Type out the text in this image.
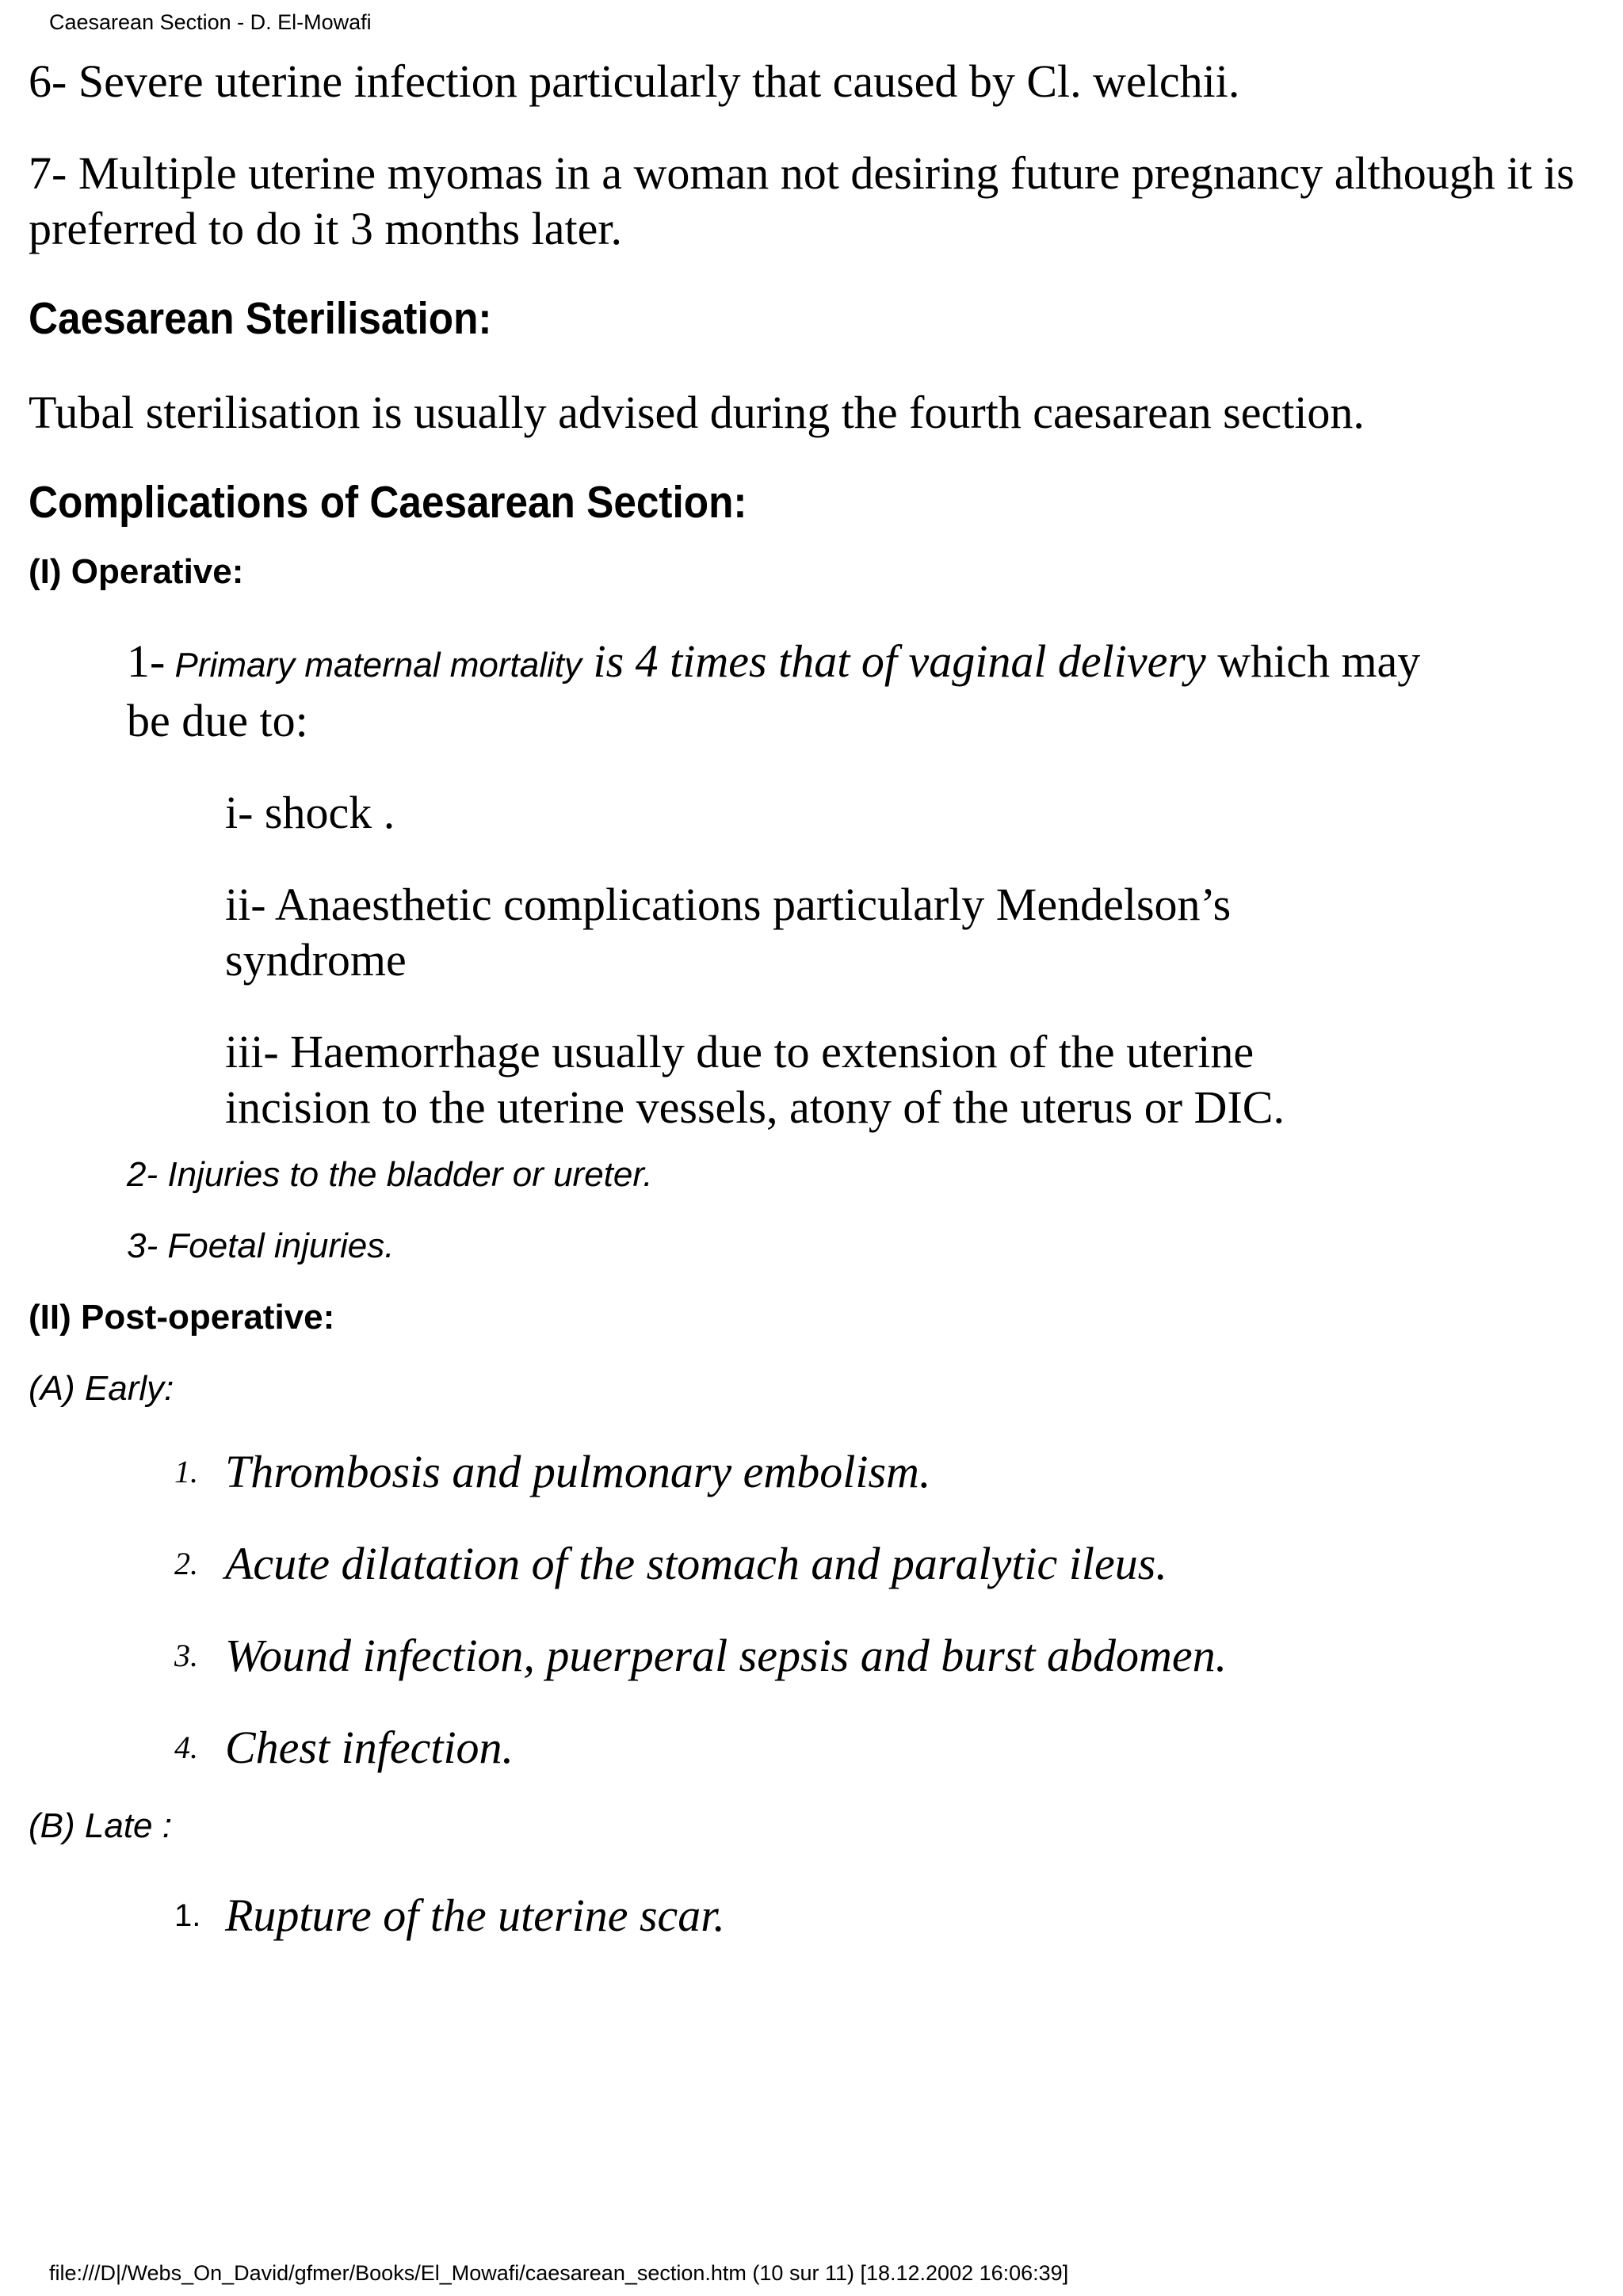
Caesarean Section - D. El-Mowafi

6- Severe uterine infection particularly that caused by Cl. welchii.

7- Multiple uterine myomas in a woman not desiring future pregnancy although it is preferred to do it 3 months later.

Caesarean Sterilisation:

Tubal sterilisation is usually advised during the fourth caesarean section.

Complications of Caesarean Section:
(I) Operative:

1- Primary maternal mortality is 4 times that of vaginal delivery which may be due to:

i- shock .

ii- Anaesthetic complications particularly Mendelson’s syndrome

iii- Haemorrhage usually due to extension of the uterine incision to the uterine vessels, atony of the uterus or DIC.

2- Injuries to the bladder or ureter.

3- Foetal injuries.

(II) Post-operative:

(A) Early:

1. Thrombosis and pulmonary embolism.
2. Acute dilatation of the stomach and paralytic ileus.
3. Wound infection, puerperal sepsis and burst abdomen.
4. Chest infection.

(B) Late :

1. Rupture of the uterine scar.
file:///D|/Webs_On_David/gfmer/Books/El_Mowafi/caesarean_section.htm (10 sur 11) [18.12.2002 16:06:39]
